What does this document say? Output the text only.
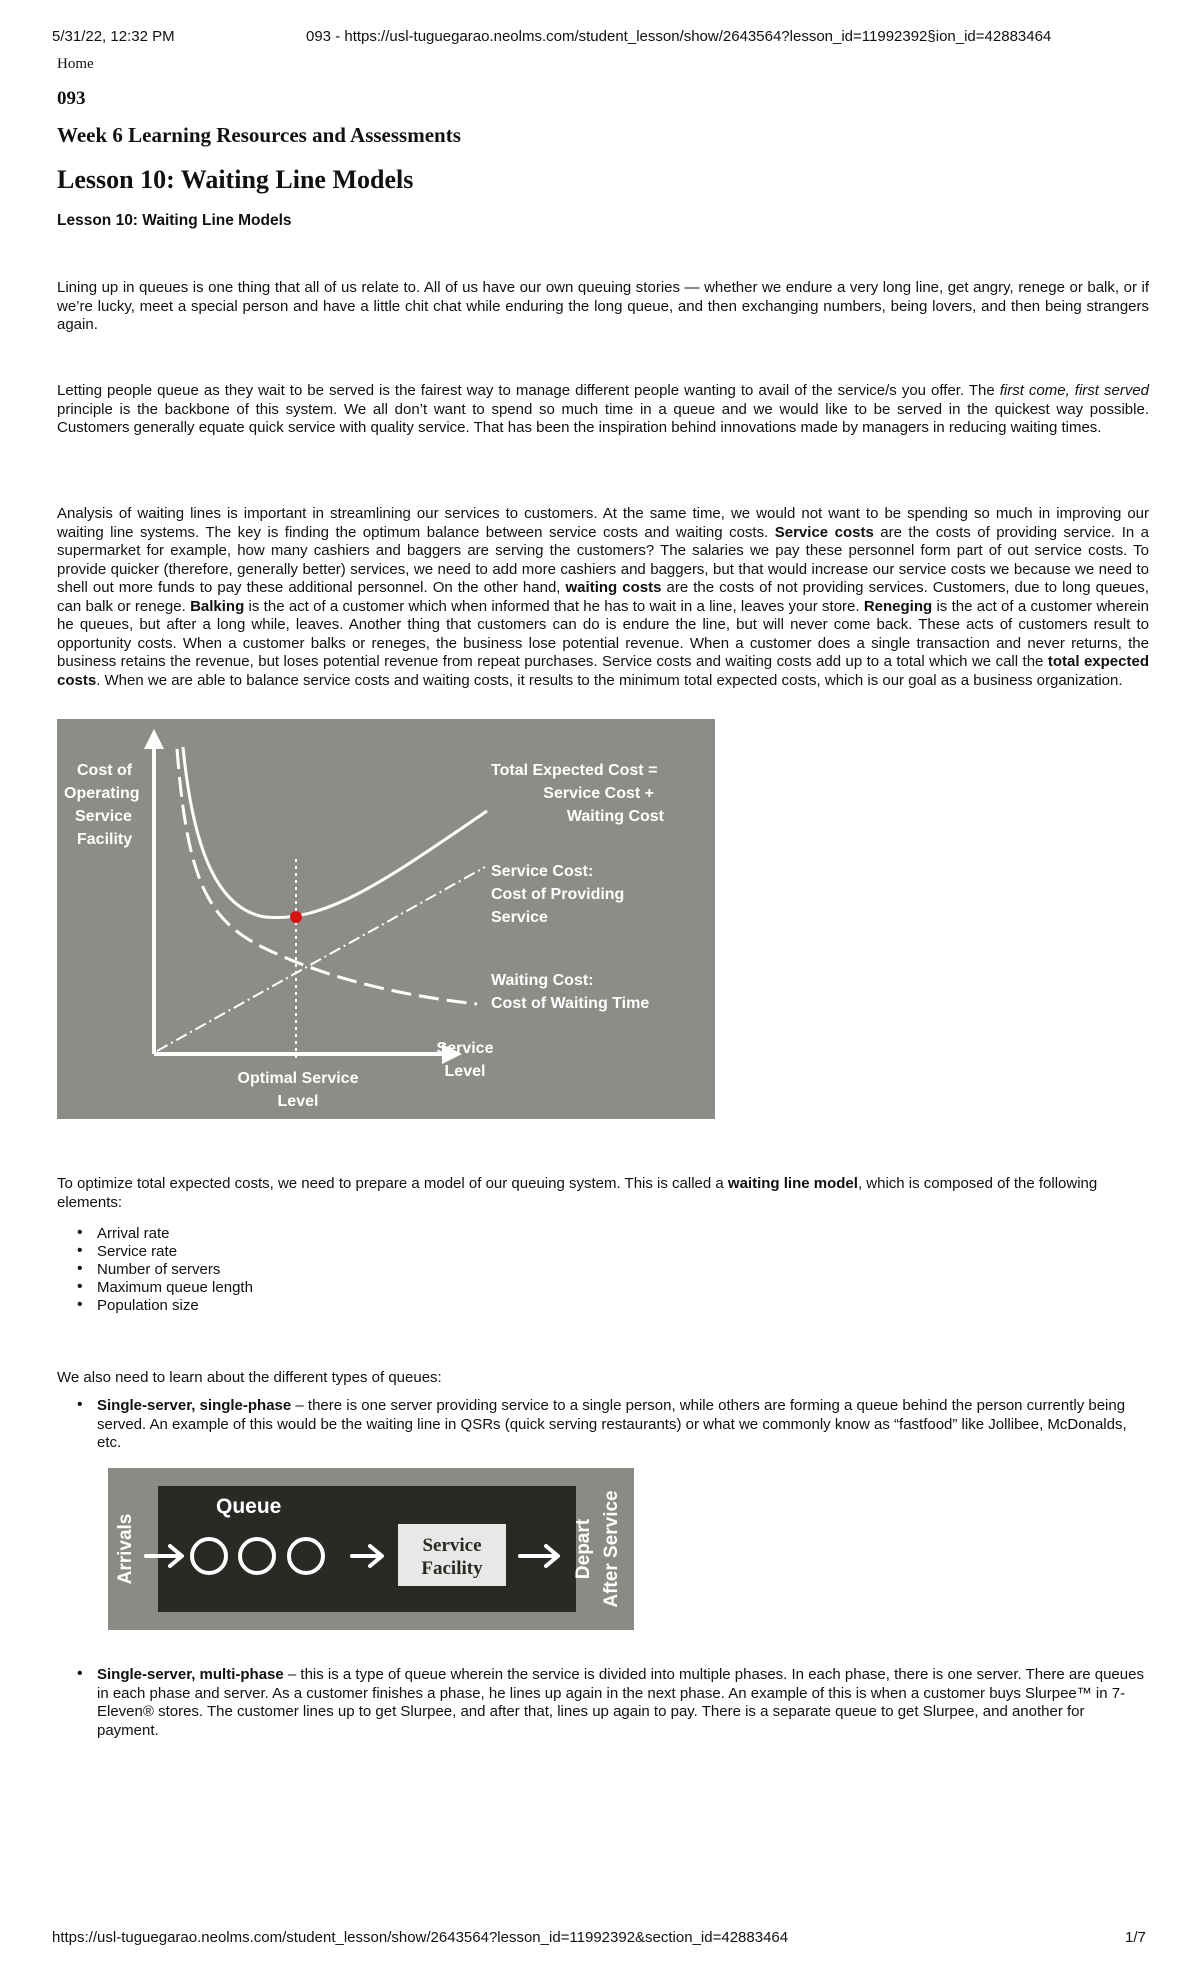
5/31/22, 12:32 PM	093 - https://usl-tuguegarao.neolms.com/student_lesson/show/2643564?lesson_id=11992392§ion_id=42883464
Home
093
Week 6 Learning Resources and Assessments
Lesson 10: Waiting Line Models
Lesson 10: Waiting Line Models

Lining up in queues is one thing that all of us relate to. All of us have our own queuing stories — whether we endure a very long line, get angry, renege or balk, or if we’re lucky, meet a special person and have a little chit chat while enduring the long queue, and then exchanging numbers, being lovers, and then being strangers again.

Letting people queue as they wait to be served is the fairest way to manage different people wanting to avail of the service/s you offer. The first come, first served principle is the backbone of this system. We all don’t want to spend so much time in a queue and we would like to be served in the quickest way possible. Customers generally equate quick service with quality service. That has been the inspiration behind innovations made by managers in reducing waiting times.

Analysis of waiting lines is important in streamlining our services to customers. At the same time, we would not want to be spending so much in improving our waiting line systems. The key is finding the optimum balance between service costs and waiting costs. Service costs are the costs of providing service. In a supermarket for example, how many cashiers and baggers are serving the customers? The salaries we pay these personnel form part of out service costs. To provide quicker (therefore, generally better) services, we need to add more cashiers and baggers, but that would increase our service costs we because we need to shell out more funds to pay these additional personnel. On the other hand, waiting costs are the costs of not providing services. Customers, due to long queues, can balk or renege. Balking is the act of a customer which when informed that he has to wait in a line, leaves your store. Reneging is the act of a customer wherein he queues, but after a long while, leaves. Another thing that customers can do is endure the line, but will never come back. These acts of customers result to opportunity costs. When a customer balks or reneges, the business lose potential revenue. When a customer does a single transaction and never returns, the business retains the revenue, but loses potential revenue from repeat purchases. Service costs and waiting costs add up to a total which we call the total expected costs. When we are able to balance service costs and waiting costs, it results to the minimum total expected costs, which is our goal as a business organization.

Cost of
Operating
Service
Facility
Total Expected Cost =
Service Cost +
Waiting Cost
Service Cost:
Cost of Providing
Service
Waiting Cost:
Cost of Waiting Time
Service
Level
Optimal Service
Level

To optimize total expected costs, we need to prepare a model of our queuing system. This is called a waiting line model, which is composed of the following elements:

• Arrival rate
• Service rate
• Number of servers
• Maximum queue length
• Population size

We also need to learn about the different types of queues:

• Single-server, single-phase – there is one server providing service to a single person, while others are forming a queue behind the person currently being served. An example of this would be the waiting line in QSRs (quick serving restaurants) or what we commonly know as “fastfood” like Jollibee, McDonalds, etc.
Arrivals
Queue
Depart After Service
Service
Facility
• Single-server, multi-phase – this is a type of queue wherein the service is divided into multiple phases. In each phase, there is one server. There are queues in each phase and server. As a customer finishes a phase, he lines up again in the next phase. An example of this is when a customer buys Slurpee™ in 7-Eleven® stores. The customer lines up to get Slurpee, and after that, lines up again to pay. There is a separate queue to get Slurpee, and another for payment.
https://usl-tuguegarao.neolms.com/student_lesson/show/2643564?lesson_id=11992392&section_id=42883464	1/7
